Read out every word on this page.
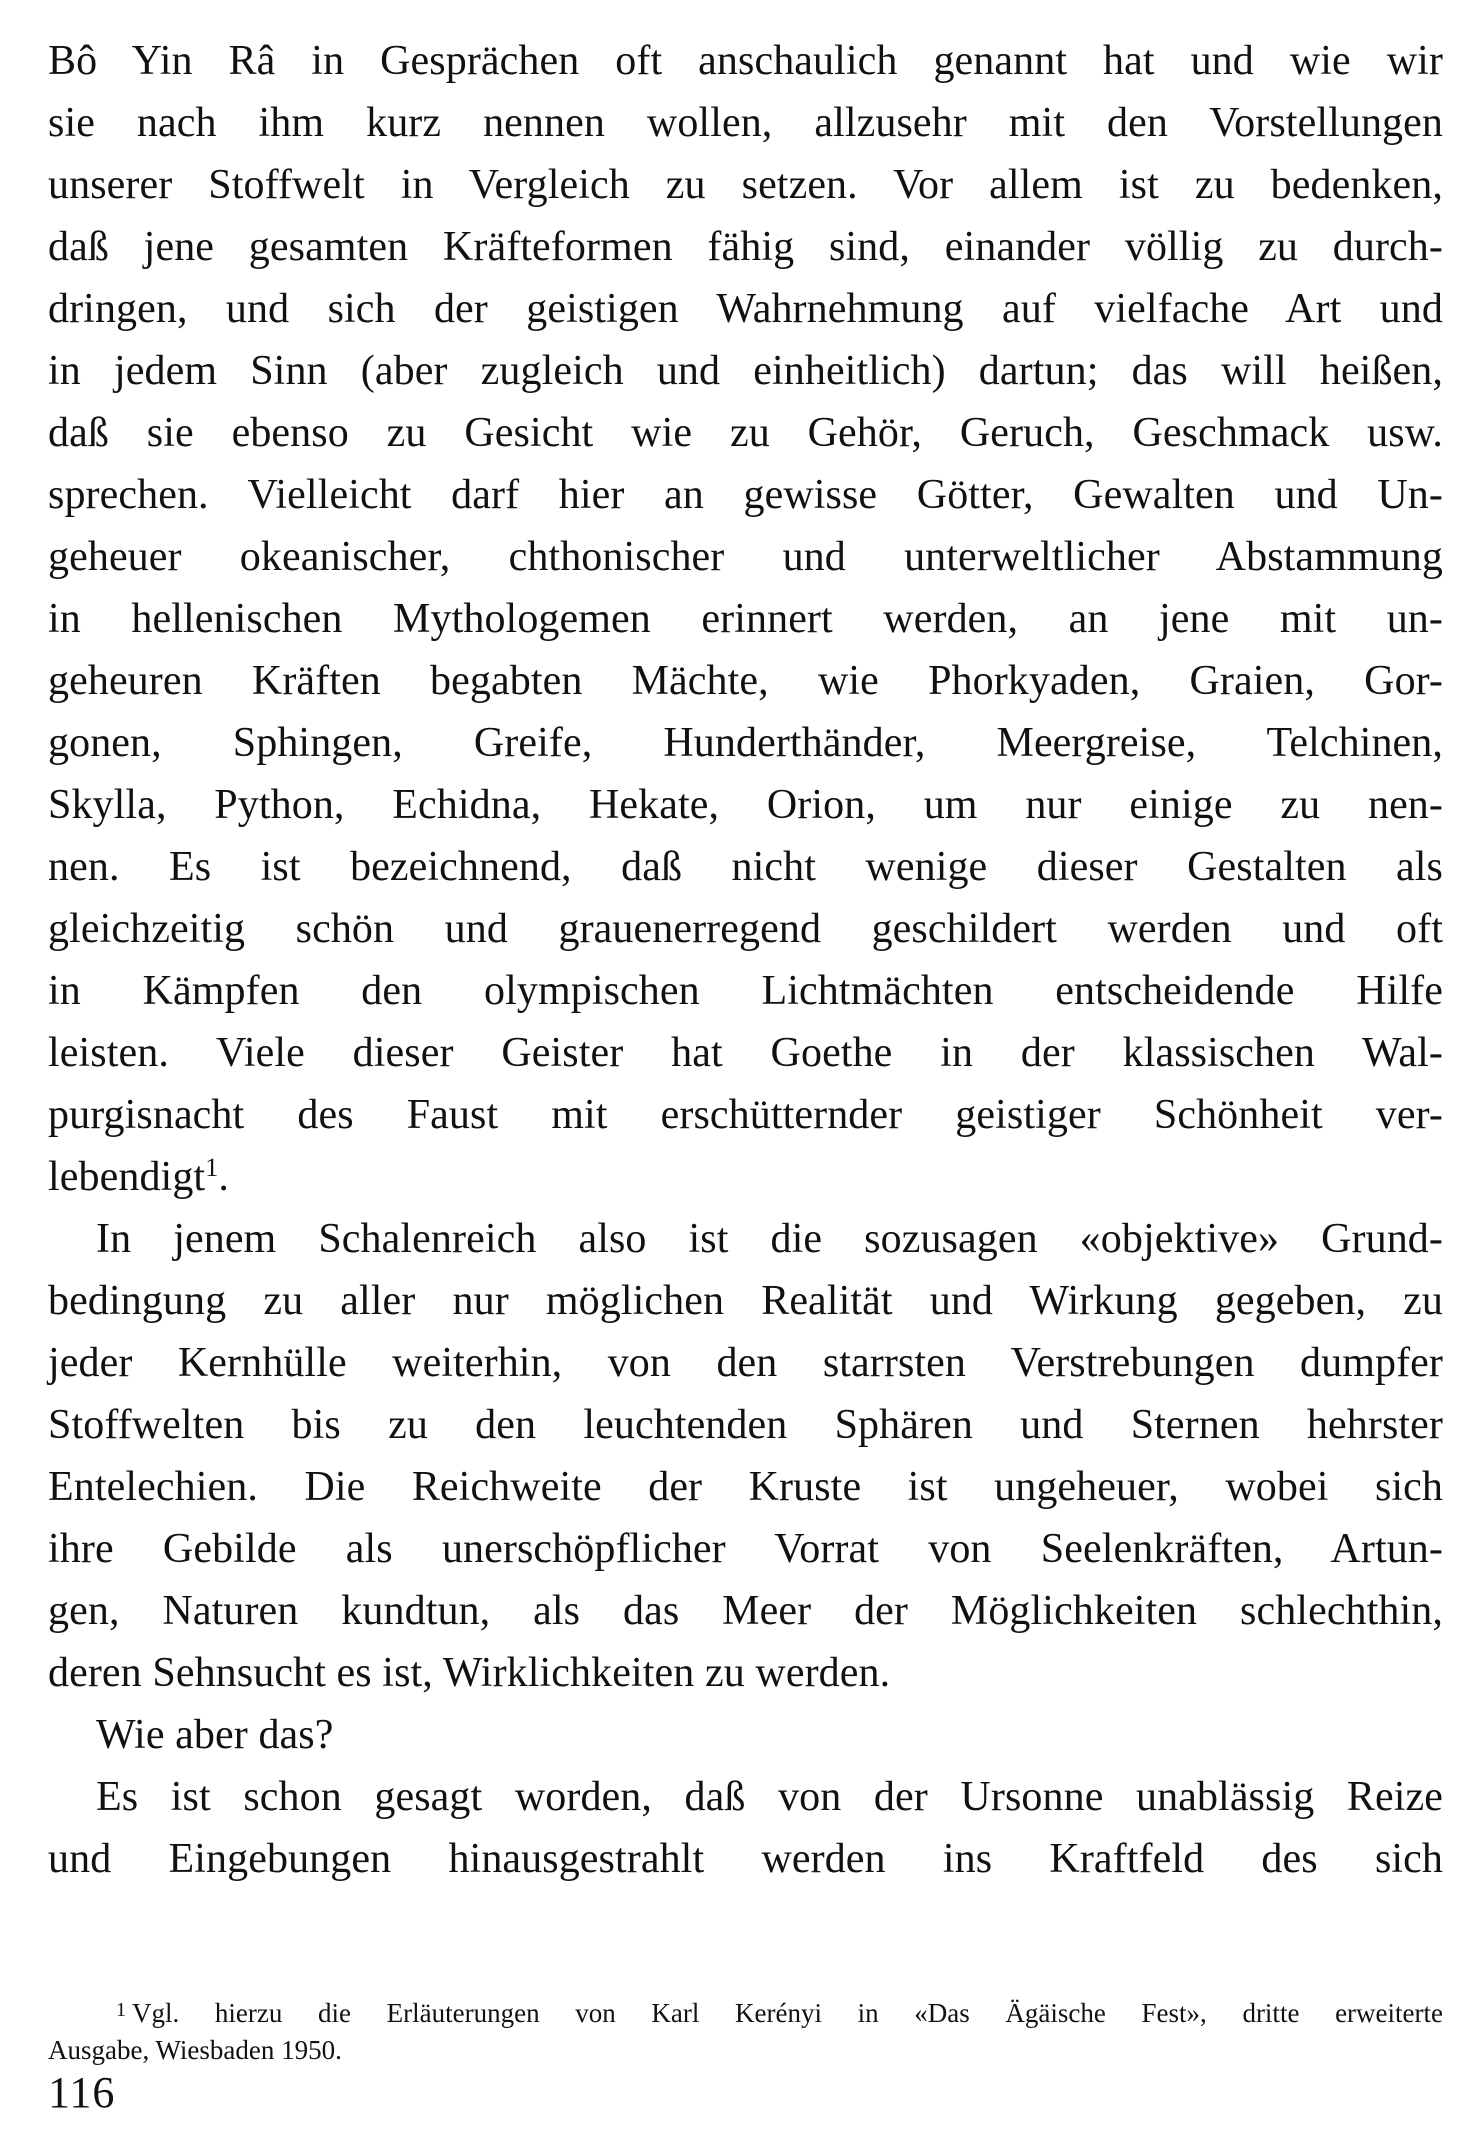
Bô Yin Râ in Gesprächen oft anschaulich genannt hat und wie wir
sie nach ihm kurz nennen wollen, allzusehr mit den Vorstellungen
unserer Stoffwelt in Vergleich zu setzen. Vor allem ist zu bedenken,
daß jene gesamten Kräfteformen fähig sind, einander völlig zu durch-
dringen, und sich der geistigen Wahrnehmung auf vielfache Art und
in jedem Sinn (aber zugleich und einheitlich) dartun; das will heißen,
daß sie ebenso zu Gesicht wie zu Gehör, Geruch, Geschmack usw.
sprechen. Vielleicht darf hier an gewisse Götter, Gewalten und Un-
geheuer okeanischer, chthonischer und unterweltlicher Abstammung
in hellenischen Mythologemen erinnert werden, an jene mit un-
geheuren Kräften begabten Mächte, wie Phorkyaden, Graien, Gor-
gonen, Sphingen, Greife, Hunderthänder, Meergreise, Telchinen,
Skylla, Python, Echidna, Hekate, Orion, um nur einige zu nen-
nen. Es ist bezeichnend, daß nicht wenige dieser Gestalten als
gleichzeitig schön und grauenerregend geschildert werden und oft
in Kämpfen den olympischen Lichtmächten entscheidende Hilfe
leisten. Viele dieser Geister hat Goethe in der klassischen Wal-
purgisnacht des Faust mit erschütternder geistiger Schönheit ver-
lebendigt$^1$.
In jenem Schalenreich also ist die sozusagen «objektive» Grund-
bedingung zu aller nur möglichen Realität und Wirkung gegeben, zu
jeder Kernhülle weiterhin, von den starrsten Verstrebungen dumpfer
Stoffwelten bis zu den leuchtenden Sphären und Sternen hehrster
Entelechien. Die Reichweite der Kruste ist ungeheuer, wobei sich
ihre Gebilde als unerschöpflicher Vorrat von Seelenkräften, Artun-
gen, Naturen kundtun, als das Meer der Möglichkeiten schlechthin,
deren Sehnsucht es ist, Wirklichkeiten zu werden.
Wie aber das?
Es ist schon gesagt worden, daß von der Ursonne unablässig Reize
und Eingebungen hinausgestrahlt werden ins Kraftfeld des sich
$^1$ Vgl. hierzu die Erläuterungen von Karl Kerényi in «Das Ägäische Fest», dritte erweiterte
Ausgabe, Wiesbaden 1950.
116
